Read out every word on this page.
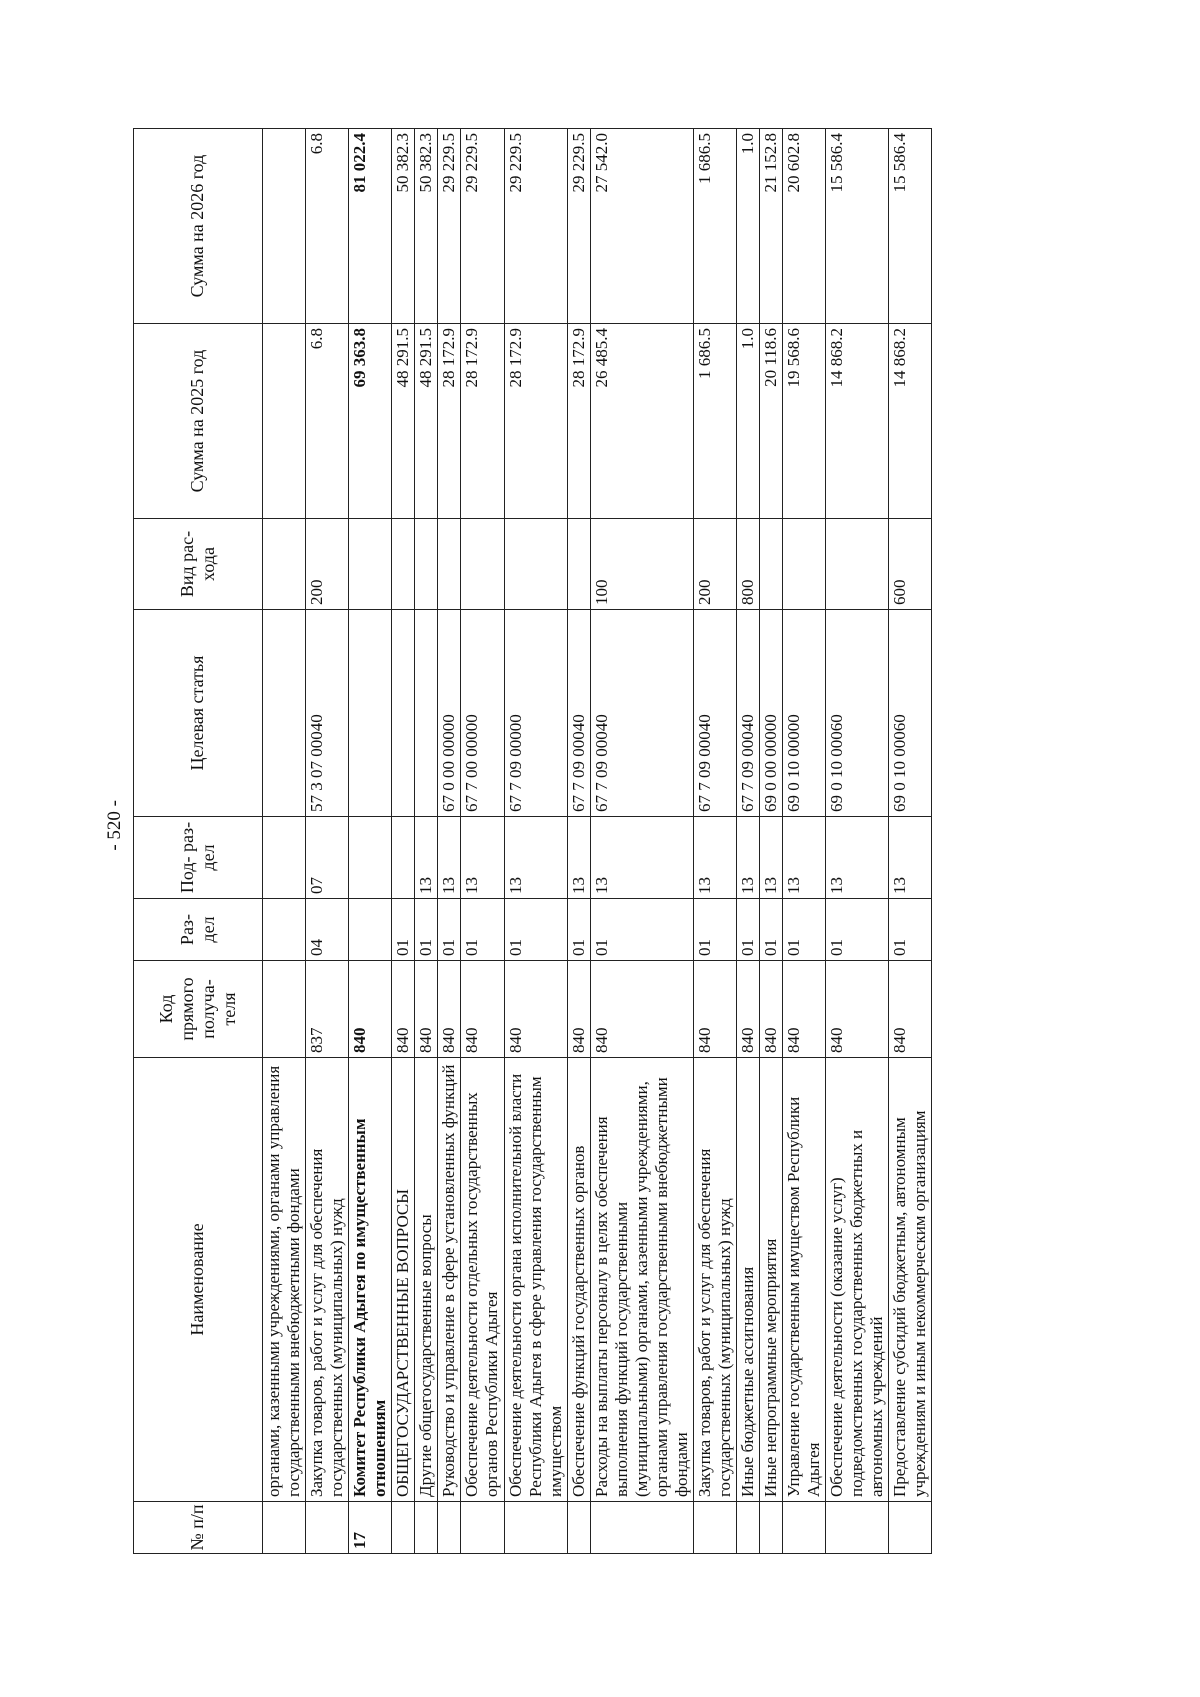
- 520 -
№ п/п	Наименование	Код прямого получа- теля	Раз- дел	Под- раз- дел	Целевая статья	Вид рас- хода	Сумма на 2025 год	Сумма на 2026 год
	органами, казенными учреждениями, органами управления государственными внебюджетными фондами							
	Закупка товаров, работ и услуг для обеспечения государственных (муниципальных) нужд	837	04	07	57 3 07 00040	200	6.8	6.8
17	Комитет Республики Адыгея по имущественным отношениям	840					69 363.8	81 022.4
	ОБЩЕГОСУДАРСТВЕННЫЕ ВОПРОСЫ	840	01				48 291.5	50 382.3
	Другие общегосударственные вопросы	840	01	13			48 291.5	50 382.3
	Руководство и управление в сфере установленных функций	840	01	13	67 0 00 00000		28 172.9	29 229.5
	Обеспечение деятельности отдельных государственных органов Республики Адыгея	840	01	13	67 7 00 00000		28 172.9	29 229.5
	Обеспечение деятельности органа исполнительной власти Республики Адыгея в сфере управления государственным имуществом	840	01	13	67 7 09 00000		28 172.9	29 229.5
	Обеспечение функций государственных органов	840	01	13	67 7 09 00040		28 172.9	29 229.5
	Расходы на выплаты персоналу в целях обеспечения выполнения функций государственными (муниципальными) органами, казенными учреждениями, органами управления государственными внебюджетными фондами	840	01	13	67 7 09 00040	100	26 485.4	27 542.0
	Закупка товаров, работ и услуг для обеспечения государственных (муниципальных) нужд	840	01	13	67 7 09 00040	200	1 686.5	1 686.5
	Иные бюджетные ассигнования	840	01	13	67 7 09 00040	800	1.0	1.0
	Иные непрограммные мероприятия	840	01	13	69 0 00 00000		20 118.6	21 152.8
	Управление государственным имуществом Республики Адыгея	840	01	13	69 0 10 00000		19 568.6	20 602.8
	Обеспечение деятельности (оказание услуг) подведомственных государственных бюджетных и автономных учреждений	840	01	13	69 0 10 00060		14 868.2	15 586.4
	Предоставление субсидий бюджетным, автономным учреждениям и иным некоммерческим организациям	840	01	13	69 0 10 00060	600	14 868.2	15 586.4
